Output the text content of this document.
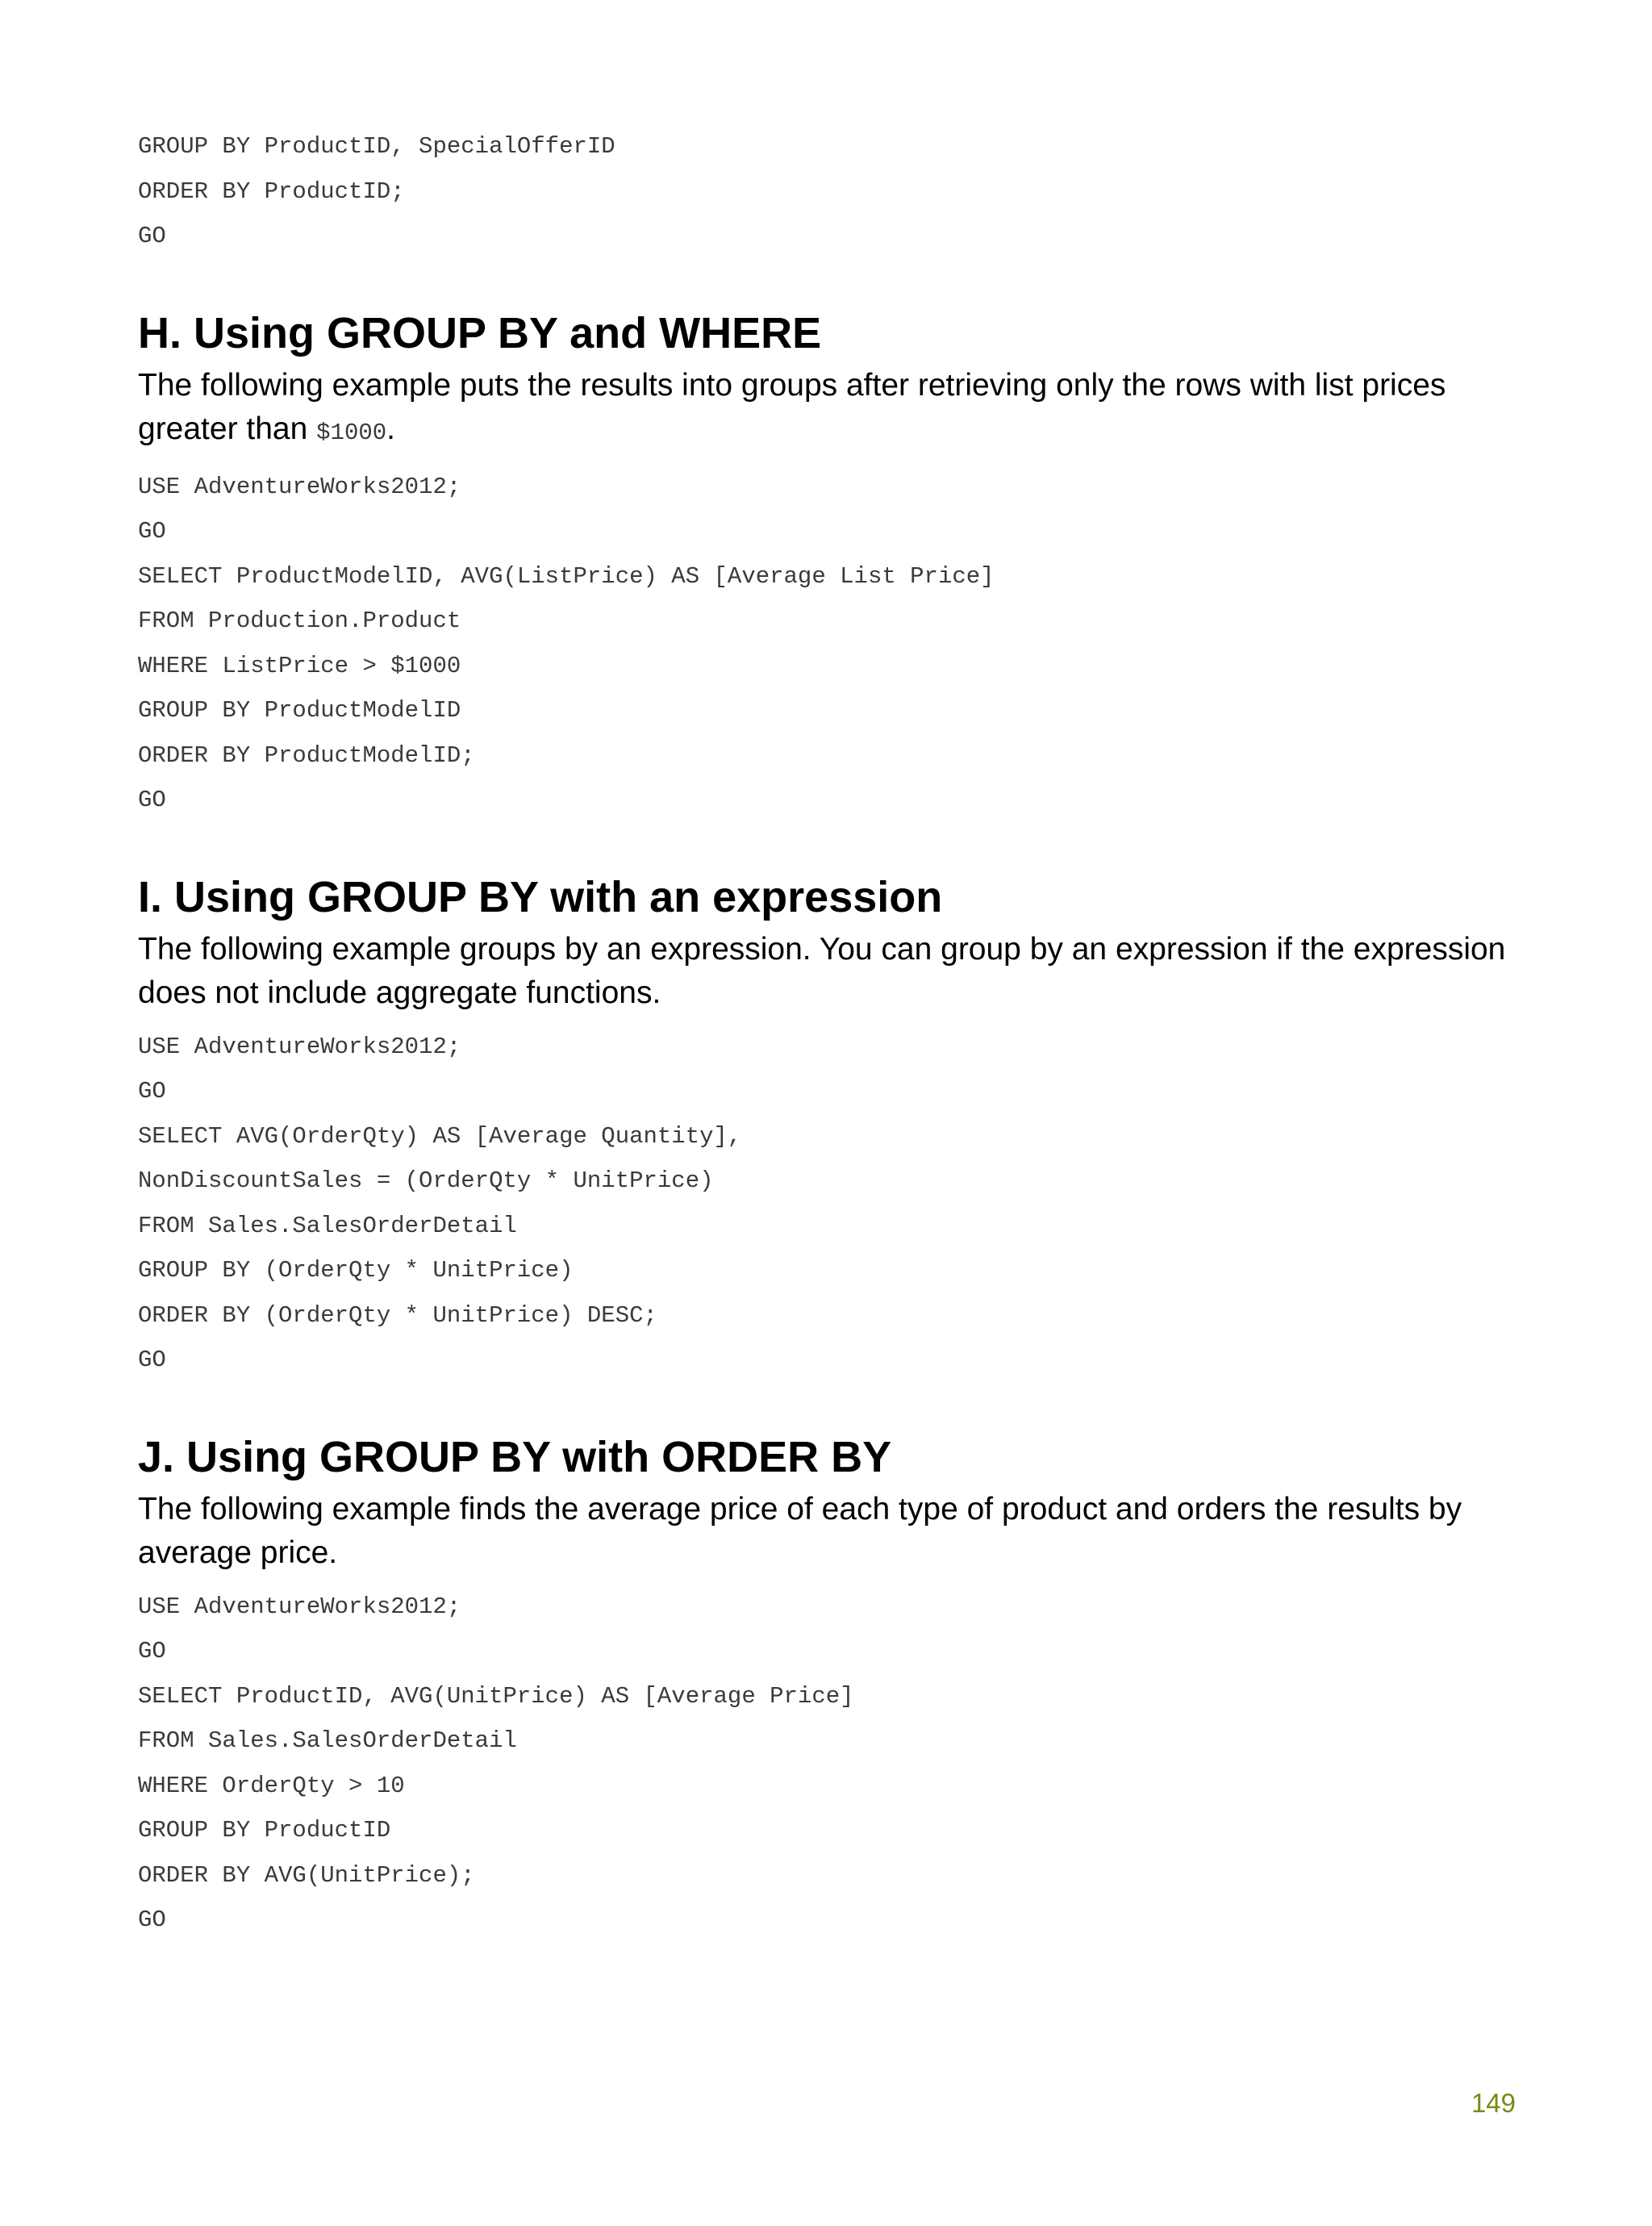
GROUP BY ProductID, SpecialOfferID
ORDER BY ProductID;
GO
H. Using GROUP BY and WHERE

The following example puts the results into groups after retrieving only the rows with list prices greater than $1000.

USE AdventureWorks2012;
GO
SELECT ProductModelID, AVG(ListPrice) AS [Average List Price]
FROM Production.Product
WHERE ListPrice > $1000
GROUP BY ProductModelID
ORDER BY ProductModelID;
GO
I. Using GROUP BY with an expression

The following example groups by an expression. You can group by an expression if the expression does not include aggregate functions.

USE AdventureWorks2012;
GO
SELECT AVG(OrderQty) AS [Average Quantity],
NonDiscountSales = (OrderQty * UnitPrice)
FROM Sales.SalesOrderDetail
GROUP BY (OrderQty * UnitPrice)
ORDER BY (OrderQty * UnitPrice) DESC;
GO
J. Using GROUP BY with ORDER BY

The following example finds the average price of each type of product and orders the results by average price.

USE AdventureWorks2012;
GO
SELECT ProductID, AVG(UnitPrice) AS [Average Price]
FROM Sales.SalesOrderDetail
WHERE OrderQty > 10
GROUP BY ProductID
ORDER BY AVG(UnitPrice);
GO
149
